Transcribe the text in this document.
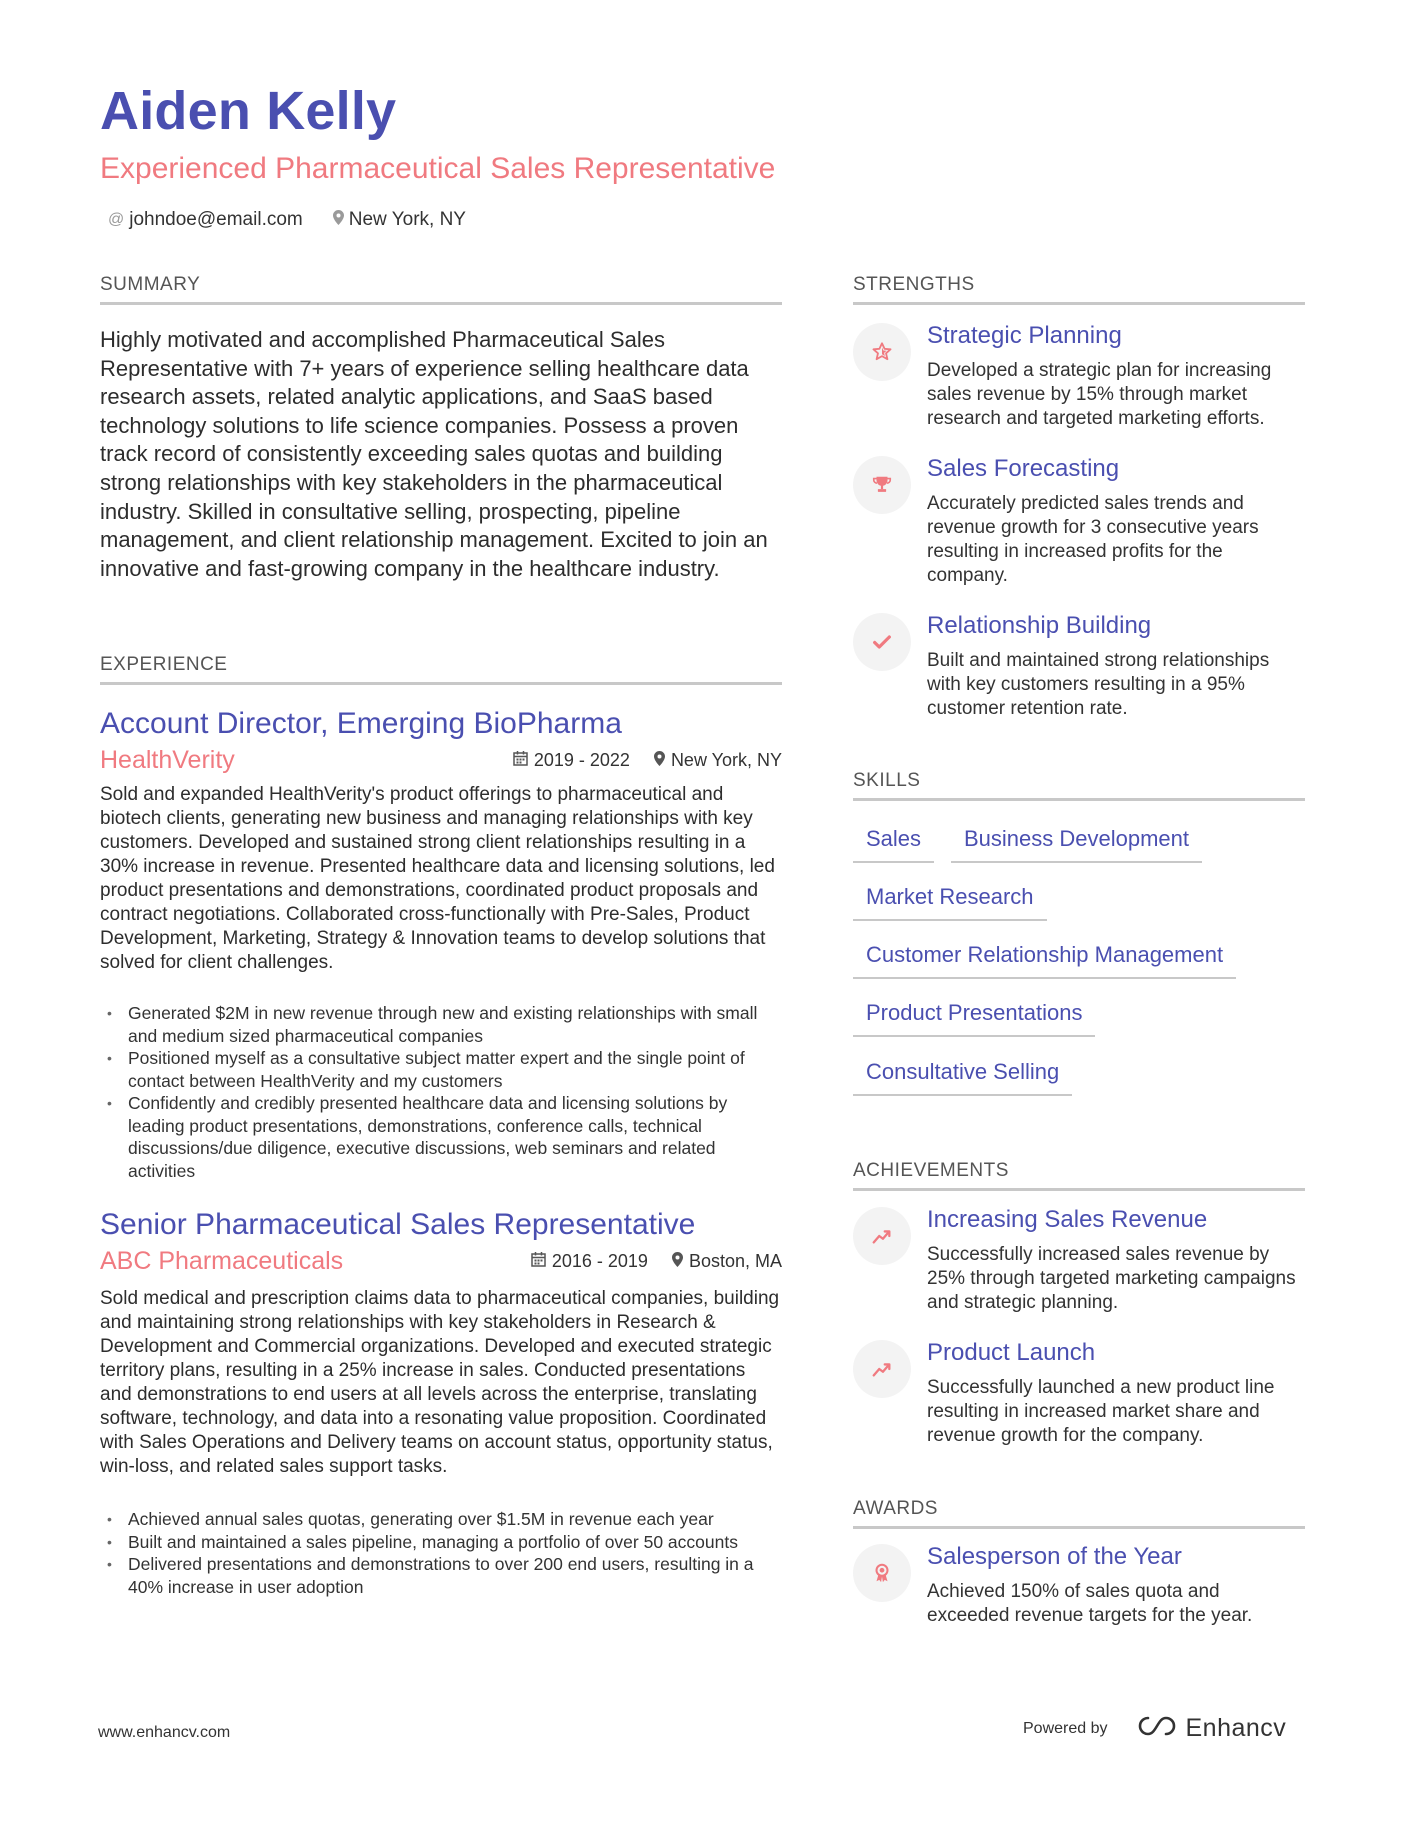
Aiden Kelly
Experienced Pharmaceutical Sales Representative
@ johndoe@email.com New York, NY
SUMMARY
Highly motivated and accomplished Pharmaceutical Sales Representative with 7+ years of experience selling healthcare data research assets, related analytic applications, and SaaS based technology solutions to life science companies. Possess a proven track record of consistently exceeding sales quotas and building strong relationships with key stakeholders in the pharmaceutical industry. Skilled in consultative selling, prospecting, pipeline management, and client relationship management. Excited to join an innovative and fast-growing company in the healthcare industry.
EXPERIENCE
Account Director, Emerging BioPharma
HealthVerity	2019 - 2022 New York, NY
Sold and expanded HealthVerity's product offerings to pharmaceutical and biotech clients, generating new business and managing relationships with key customers. Developed and sustained strong client relationships resulting in a 30% increase in revenue. Presented healthcare data and licensing solutions, led product presentations and demonstrations, coordinated product proposals and contract negotiations. Collaborated cross-functionally with Pre-Sales, Product Development, Marketing, Strategy & Innovation teams to develop solutions that solved for client challenges.
• Generated $2M in new revenue through new and existing relationships with small and medium sized pharmaceutical companies
• Positioned myself as a consultative subject matter expert and the single point of contact between HealthVerity and my customers
• Confidently and credibly presented healthcare data and licensing solutions by leading product presentations, demonstrations, conference calls, technical discussions/due diligence, executive discussions, web seminars and related activities
Senior Pharmaceutical Sales Representative
ABC Pharmaceuticals	2016 - 2019 Boston, MA
Sold medical and prescription claims data to pharmaceutical companies, building and maintaining strong relationships with key stakeholders in Research & Development and Commercial organizations. Developed and executed strategic territory plans, resulting in a 25% increase in sales. Conducted presentations and demonstrations to end users at all levels across the enterprise, translating software, technology, and data into a resonating value proposition. Coordinated with Sales Operations and Delivery teams on account status, opportunity status, win-loss, and related sales support tasks.
• Achieved annual sales quotas, generating over $1.5M in revenue each year
• Built and maintained a sales pipeline, managing a portfolio of over 50 accounts
• Delivered presentations and demonstrations to over 200 end users, resulting in a 40% increase in user adoption
STRENGTHS
Strategic Planning
Developed a strategic plan for increasing sales revenue by 15% through market research and targeted marketing efforts.
Sales Forecasting
Accurately predicted sales trends and revenue growth for 3 consecutive years resulting in increased profits for the company.
Relationship Building
Built and maintained strong relationships with key customers resulting in a 95% customer retention rate.
SKILLS
Sales	Business Development
Market Research
Customer Relationship Management
Product Presentations
Consultative Selling
ACHIEVEMENTS
Increasing Sales Revenue
Successfully increased sales revenue by 25% through targeted marketing campaigns and strategic planning.
Product Launch
Successfully launched a new product line resulting in increased market share and revenue growth for the company.
AWARDS
Salesperson of the Year
Achieved 150% of sales quota and exceeded revenue targets for the year.
www.enhancv.com	Powered by	Enhancv
